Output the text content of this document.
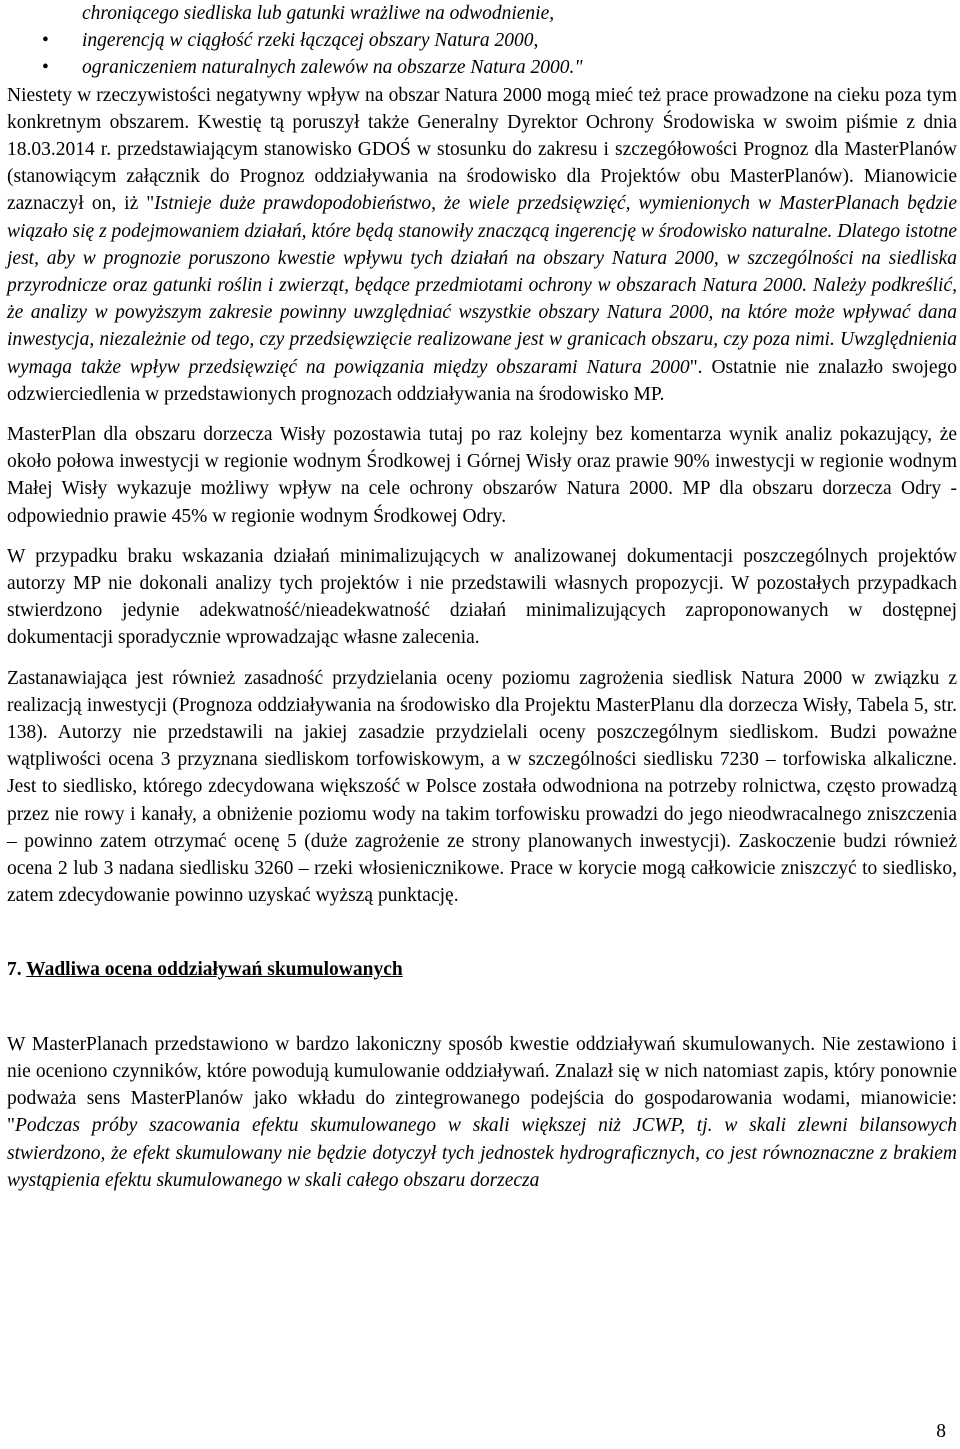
chroniącego siedliska lub gatunki wrażliwe na odwodnienie,
• ingerencją w ciągłość rzeki łączącej obszary Natura 2000,
• ograniczeniem naturalnych zalewów na obszarze Natura 2000."

Niestety w rzeczywistości negatywny wpływ na obszar Natura 2000 mogą mieć też prace prowadzone na cieku poza tym konkretnym obszarem. Kwestię tą poruszył także Generalny Dyrektor Ochrony Środowiska w swoim piśmie z dnia 18.03.2014 r. przedstawiającym stanowisko GDOŚ w stosunku do zakresu i szczegółowości Prognoz dla MasterPlanów (stanowiącym załącznik do Prognoz oddziaływania na środowisko dla Projektów obu MasterPlanów). Mianowicie zaznaczył on, iż "Istnieje duże prawdopodobieństwo, że wiele przedsięwzięć, wymienionych w MasterPlanach będzie wiązało się z podejmowaniem działań, które będą stanowiły znaczącą ingerencję w środowisko naturalne. Dlatego istotne jest, aby w prognozie poruszono kwestie wpływu tych działań na obszary Natura 2000, w szczególności na siedliska przyrodnicze oraz gatunki roślin i zwierząt, będące przedmiotami ochrony w obszarach Natura 2000. Należy podkreślić, że analizy w powyższym zakresie powinny uwzględniać wszystkie obszary Natura 2000, na które może wpływać dana inwestycja, niezależnie od tego, czy przedsięwzięcie realizowane jest w granicach obszaru, czy poza nimi. Uwzględnienia wymaga także wpływ przedsięwzięć na powiązania między obszarami Natura 2000". Ostatnie nie znalazło swojego odzwierciedlenia w przedstawionych prognozach oddziaływania na środowisko MP.

MasterPlan dla obszaru dorzecza Wisły pozostawia tutaj po raz kolejny bez komentarza wynik analiz pokazujący, że około połowa inwestycji w regionie wodnym Środkowej i Górnej Wisły oraz prawie 90% inwestycji w regionie wodnym Małej Wisły wykazuje możliwy wpływ na cele ochrony obszarów Natura 2000. MP dla obszaru dorzecza Odry - odpowiednio prawie 45% w regionie wodnym Środkowej Odry.

W przypadku braku wskazania działań minimalizujących w analizowanej dokumentacji poszczególnych projektów autorzy MP nie dokonali analizy tych projektów i nie przedstawili własnych propozycji. W pozostałych przypadkach stwierdzono jedynie adekwatność/nieadekwatność działań minimalizujących zaproponowanych w dostępnej dokumentacji sporadycznie wprowadzając własne zalecenia.

Zastanawiająca jest również zasadność przydzielania oceny poziomu zagrożenia siedlisk Natura 2000 w związku z realizacją inwestycji (Prognoza oddziaływania na środowisko dla Projektu MasterPlanu dla dorzecza Wisły, Tabela 5, str. 138). Autorzy nie przedstawili na jakiej zasadzie przydzielali oceny poszczególnym siedliskom. Budzi poważne wątpliwości ocena 3 przyznana siedliskom torfowiskowym, a w szczególności siedlisku 7230 – torfowiska alkaliczne. Jest to siedlisko, którego zdecydowana większość w Polsce została odwodniona na potrzeby rolnictwa, często prowadzą przez nie rowy i kanały, a obniżenie poziomu wody na takim torfowisku prowadzi do jego nieodwracalnego zniszczenia – powinno zatem otrzymać ocenę 5 (duże zagrożenie ze strony planowanych inwestycji). Zaskoczenie budzi również ocena 2 lub 3 nadana siedlisku 3260 – rzeki włosienicznikowe. Prace w korycie mogą całkowicie zniszczyć to siedlisko, zatem zdecydowanie powinno uzyskać wyższą punktację.

7. Wadliwa ocena oddziaływań skumulowanych

W MasterPlanach przedstawiono w bardzo lakoniczny sposób kwestie oddziaływań skumulowanych. Nie zestawiono i nie oceniono czynników, które powodują kumulowanie oddziaływań. Znalazł się w nich natomiast zapis, który ponownie podważa sens MasterPlanów jako wkładu do zintegrowanego podejścia do gospodarowania wodami, mianowicie: "Podczas próby szacowania efektu skumulowanego w skali większej niż JCWP, tj. w skali zlewni bilansowych stwierdzono, że efekt skumulowany nie będzie dotyczył tych jednostek hydrograficznych, co jest równoznaczne z brakiem wystąpienia efektu skumulowanego w skali całego obszaru dorzecza

8
